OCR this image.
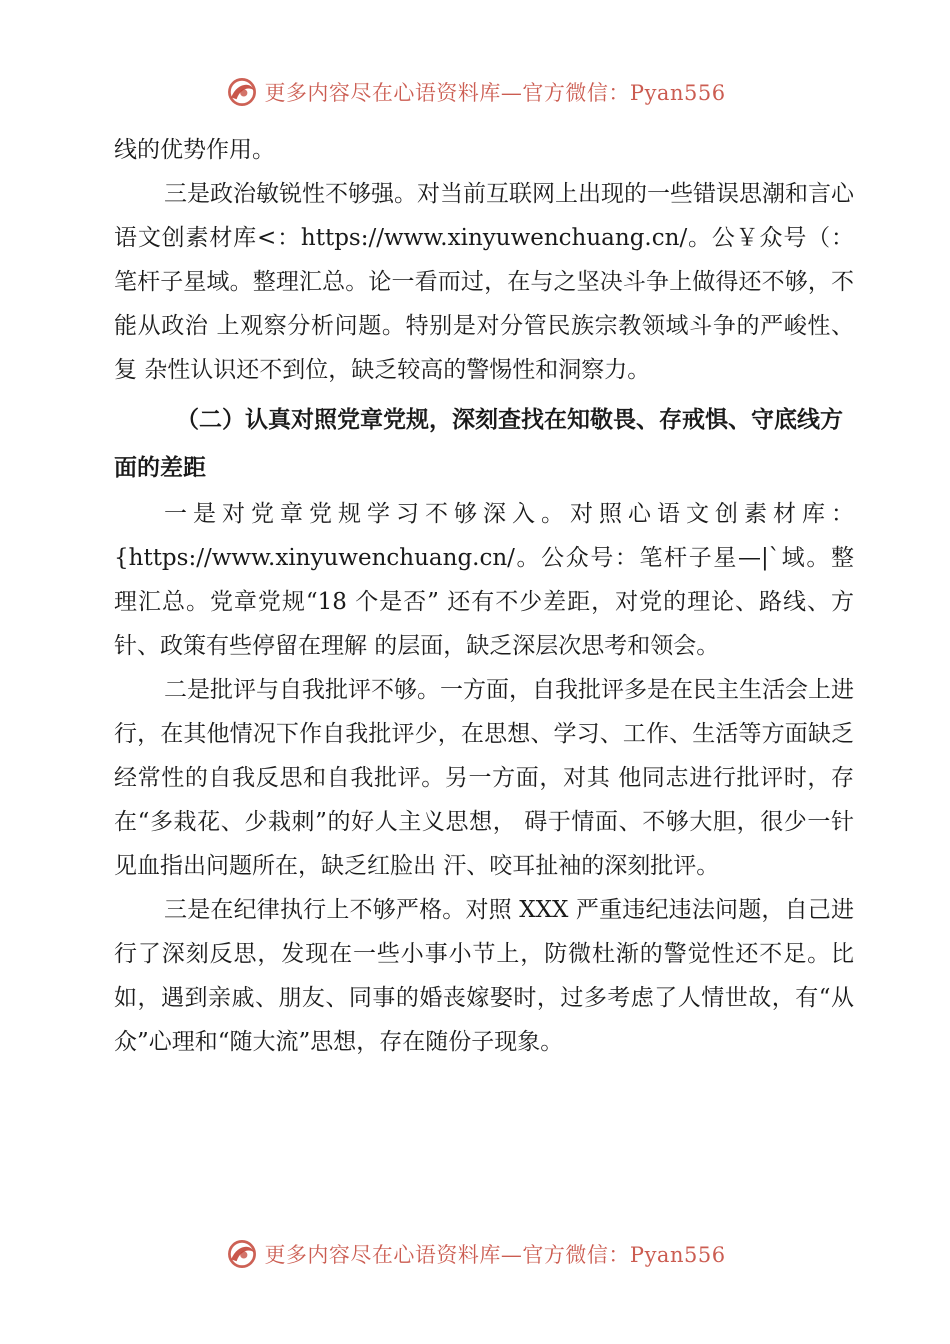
更多内容尽在心语资料库—官方微信：Pyan556

线的优势作用。

三是政治敏锐性不够强。对当前互联网上出现的一些错误思潮和言心语文创素材库<：https://www.xinyuwenchuang.cn/。公￥众号（：笔杆子星域。整理汇总。论一看而过，在与之坚决斗争上做得还不够，不能从政治 上观察分析问题。特别是对分管民族宗教领域斗争的严峻性、复 杂性认识还不到位，缺乏较高的警惕性和洞察力。

（二）认真对照党章党规，深刻查找在知敬畏、存戒惧、守底线方面的差距

一是对党章党规学习不够深入。对照心语文创素材库：{https://www.xinyuwenchuang.cn/。公众号：笔杆子星—|`域。整理汇总。党章党规“18 个是否” 还有不少差距，对党的理论、路线、方针、政策有些停留在理解 的层面，缺乏深层次思考和领会。

二是批评与自我批评不够。一方面，自我批评多是在民主生活会上进行，在其他情况下作自我批评少，在思想、学习、工作、生活等方面缺乏经常性的自我反思和自我批评。另一方面，对其 他同志进行批评时，存在“多栽花、少栽刺”的好人主义思想， 碍于情面、不够大胆，很少一针见血指出问题所在，缺乏红脸出 汗、咬耳扯袖的深刻批评。

三是在纪律执行上不够严格。对照 XXX 严重违纪违法问题，自己进行了深刻反思，发现在一些小事小节上，防微杜渐的警觉性还不足。比如，遇到亲戚、朋友、同事的婚丧嫁娶时，过多考虑了人情世故，有“从众”心理和“随大流”思想，存在随份子现象。

更多内容尽在心语资料库—官方微信：Pyan556
